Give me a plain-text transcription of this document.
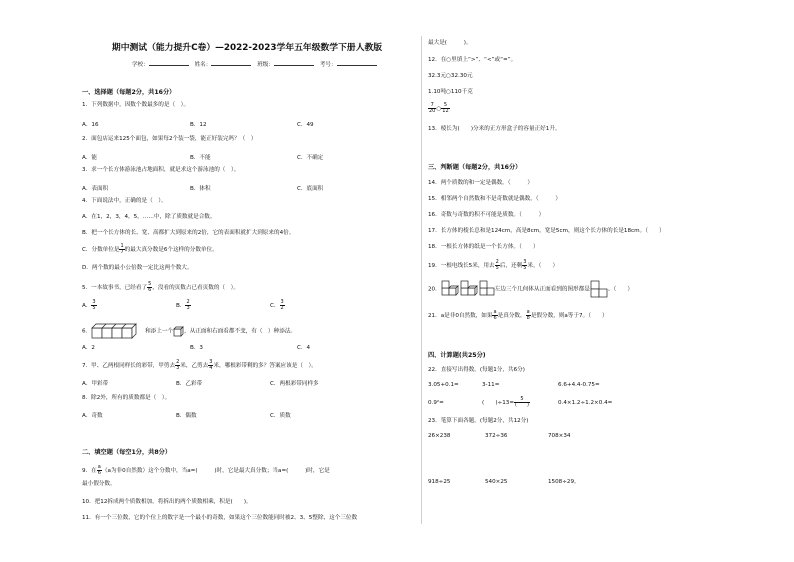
期中测试（能力提升C卷）—2022-2023学年五年级数学下册人教版
学校：	姓名：	班级：	考号：
一、选择题（每题2分，共16分）
1．下列数据中，因数个数最多的是（　）。
A．16	B．12	C．49
2．面包店运来125个面包，如果每2个装一袋，能正好装完吗？（　）
A．能	B．不能	C．不确定
3．求一个长方体游泳池占地面积，就是求这个游泳池的（　）。
A．表面积	B．体积	C．底面积
4．下面说法中，正确的是（　）。
A．在1，2，3，4，5，……中，除了质数就是合数。
B．把一个长方体的长、宽、高都扩大到原来的2倍，它的表面积就扩大到原来的4倍。
C．分数单位是 $\frac{1}{7}$ 的最大真分数是6个这样的分数单位。
D．两个数的最小公倍数一定比这两个数大。
5．一本故事书，已经看了 $\frac{5}{6}$ ，没看的页数占已看页数的（　）。
A． $\frac{3}{5}$	B． $\frac{2}{3}$	C． $\frac{3}{2}$
6．	和添上一个 ，从正面和右面看都不变，有（　）种添法。
A．2	B．3	C．4
7．甲、乙两根同样长的彩带，甲剪去 $\frac{2}{3}$ 米，乙剪去 $\frac{3}{4}$ 米，哪根彩带剩的多？答案应该是（　）。
A．甲彩带	B．乙彩带	C．两根彩带同样多
8．除2外，所有的质数都是（　）。
A．奇数	B．偶数	C．质数
二、填空题（每空1分，共8分）
9．在 $\frac{a}{6} (a$为非0自然数）这个分数中，当a=(　　　)时，它是最大真分数；当a=(　　　)时，它是
最小假分数。
10．把12拆成两个质数相加，将拆出的两个质数相乘，积是(　　)。
11．有一个三位数，它的个位上的数字是一个最小的奇数，如果这个三位数能同时被2、3、5整除，这个三位数
最大是(　　　)。
12．在○里填上“>”、“<”或“=”。
32.3元○32.30元
1.10吨○110千克
$\frac{7}{20}$ ○ $\frac{5}{12}$
13．棱长为(　　)分米的正方形盒子的容量正好1升。
三、判断题（每题2分，共16分）
14．两个质数的和一定是偶数。（　　　）
15．相邻两个自然数和不是奇数就是偶数。（　　　）
16．奇数与奇数的积不可能是质数。（　　　）
17．长方体的棱长总和是124cm，高是8cm，宽是5cm，则这个长方体的长是18cm。（　　）
18．一根长方体的纸是一个长方体。（　　）
19．一根电线长5米，用去 $\frac{2}{5}$ 后，还剩 $\frac{3}{5}$ 米。（　　）
20．	左边三个几何体从正面看到的图形都是	。（　　）
21．a是非0自然数，如果 $\frac{a}{6}$ 是真分数， $\frac{a}{8}$ 是假分数，则a等于7。（　　）
四、计算题(共25分)
22．直接写出得数。(每题1分，共6分)
3.05+0.1=	3-11=	6.6+4.4-0.75=
0.9²=	(　　)$\div 13= \frac{5}{( )}$	0.4×1.2÷1.2×0.4=
23．笔算下面各题。(每题2分，共12分)
26×238	372÷36	708×34
918÷25	540×25	1508÷29。
